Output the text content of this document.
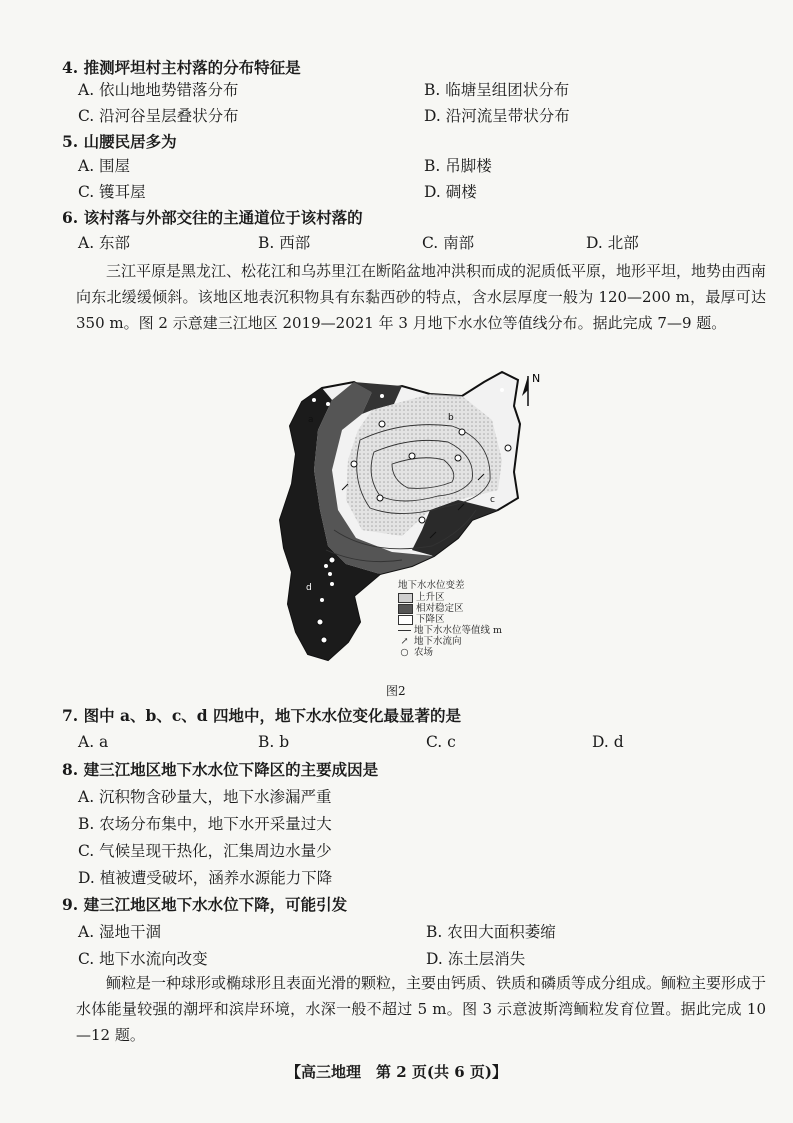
4. 推测坪坦村主村落的分布特征是
A. 依山地地势错落分布	B. 临塘呈组团状分布
C. 沿河谷呈层叠状分布	D. 沿河流呈带状分布
5. 山腰民居多为
A. 围屋	B. 吊脚楼
C. 镬耳屋	D. 碉楼
6. 该村落与外部交往的主通道位于该村落的
A. 东部	B. 西部	C. 南部	D. 北部

三江平原是黑龙江、松花江和乌苏里江在断陷盆地冲洪积而成的泥质低平原，地形平坦，地势由西南向东北缓缓倾斜。该地区地表沉积物具有东黏西砂的特点，含水层厚度一般为 120—200 m，最厚可达 350 m。图 2 示意建三江地区 2019—2021 年 3 月地下水水位等值线分布。据此完成 7—9 题。

N
a	b
c
d	地下水水位变差
上升区
相对稳定区
下降区
地下水水位等值线 m
↗ 地下水流向
○ 农场
图2
7. 图中 a、b、c、d 四地中，地下水水位变化最显著的是
A. a	B. b	C. c	D. d
8. 建三江地区地下水水位下降区的主要成因是
A. 沉积物含砂量大，地下水渗漏严重
B. 农场分布集中，地下水开采量过大
C. 气候呈现干热化，汇集周边水量少
D. 植被遭受破坏，涵养水源能力下降
9. 建三江地区地下水水位下降，可能引发
A. 湿地干涸	B. 农田大面积萎缩
C. 地下水流向改变	D. 冻土层消失

鲕粒是一种球形或椭球形且表面光滑的颗粒，主要由钙质、铁质和磷质等成分组成。鲕粒主要形成于水体能量较强的潮坪和滨岸环境，水深一般不超过 5 m。图 3 示意波斯湾鲕粒发育位置。据此完成 10—12 题。

【高三地理　第 2 页(共 6 页)】
